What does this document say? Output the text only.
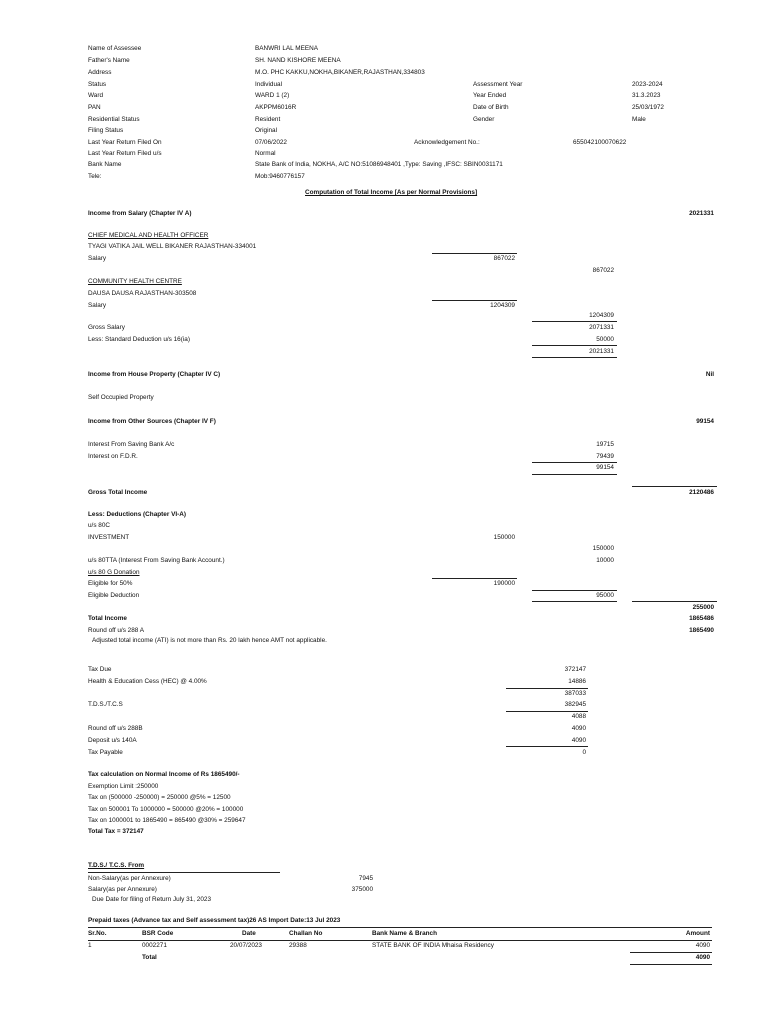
Name of Assessee	BANWRI LAL MEENA
Father's Name	SH. NAND KISHORE MEENA
Address	M.O. PHC KAKKU,NOKHA,BIKANER,RAJASTHAN,334803
Status	Individual	Assessment Year	2023-2024
Ward	WARD 1 (2)	Year Ended	31.3.2023
PAN	AKPPM6016R	Date of Birth	25/03/1972
Residential Status	Resident	Gender	Male
Filing Status	Original
Last Year Return Filed On	07/06/2022	Acknowledgement No.:	655042100070622
Last Year Return Filed u/s	Normal
Bank Name	State Bank of India, NOKHA, A/C NO:51086948401 ,Type: Saving ,IFSC: SBIN0031171
Tele:	Mob:9460776157
Computation of Total Income [As per Normal Provisions]
Income from Salary (Chapter IV A)	2021331
CHIEF MEDICAL AND HEALTH OFFICER
TYAGI VATIKA JAIL WELL BIKANER RAJASTHAN-334001
Salary	867022
867022
COMMUNITY HEALTH CENTRE
DAUSA DAUSA RAJASTHAN-303508
Salary	1204309
1204309
Gross Salary	2071331
Less: Standard Deduction u/s 16(ia)	50000
2021331
Income from House Property (Chapter IV C)	Nil
Self Occupied Property
Income from Other Sources (Chapter IV F)	99154
Interest From Saving Bank A/c	19715
Interest on F.D.R.	79439
99154
Gross Total Income	2120486
Less: Deductions (Chapter VI-A)
u/s 80C
INVESTMENT	150000
150000
u/s 80TTA (Interest From Saving Bank Account.)	10000
u/s 80 G Donation
Eligible for 50%	190000
Eligible Deduction	95000
255000
Total Income	1865486
Round off u/s 288 A	1865490
Adjusted total income (ATI) is not more than Rs. 20 lakh hence AMT not applicable.
Tax Due	372147
Health & Education Cess (HEC) @ 4.00%	14886
387033
T.D.S./T.C.S	382945
4088
Round off u/s 288B	4090
Deposit u/s 140A	4090
Tax Payable	0
Tax calculation on Normal Income of Rs 1865490/-
Exemption Limit :250000
Tax on (500000 -250000) = 250000 @5% = 12500
Tax on 500001 To 1000000 = 500000 @20% = 100000
Tax on 1000001 to 1865490 = 865490 @30% = 259647
Total Tax = 372147
T.D.S./ T.C.S. From
Non-Salary(as per Annexure)	7945
Salary(as per Annexure)	375000
Due Date for filing of Return July 31, 2023
Prepaid taxes (Advance tax and Self assessment tax)26 AS Import Date:13 Jul 2023
Sr.No.	BSR Code	Date	Challan No	Bank Name & Branch	Amount
1	0002271	20/07/2023	29388	STATE BANK OF INDIA Mhaisa Residency	4090
Total	4090
